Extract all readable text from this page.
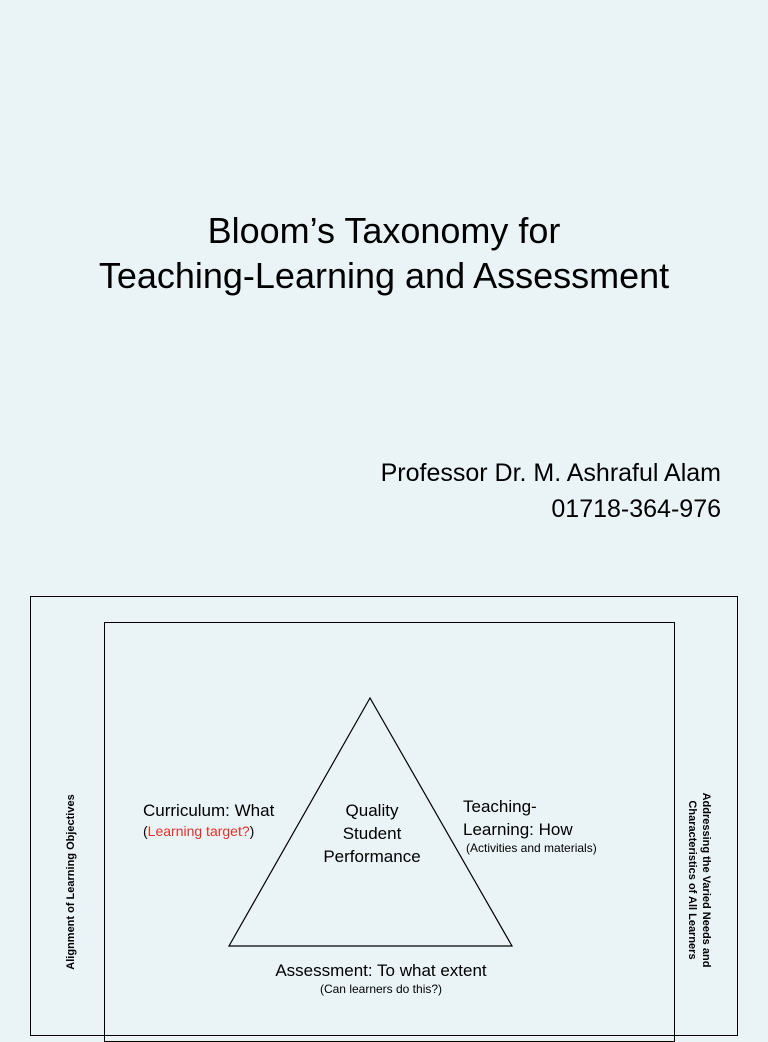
Bloom’s Taxonomy for
Teaching-Learning and Assessment
Professor Dr. M. Ashraful Alam
01718-364-976
Alignment of Learning Objectives	Addressing the Varied Needs and
Characteristics of All Learners
Quality
Student
Performance
Curriculum: What
(Learning target?)
Teaching-
Learning: How
(Activities and materials)
Assessment: To what extent
(Can learners do this?)
